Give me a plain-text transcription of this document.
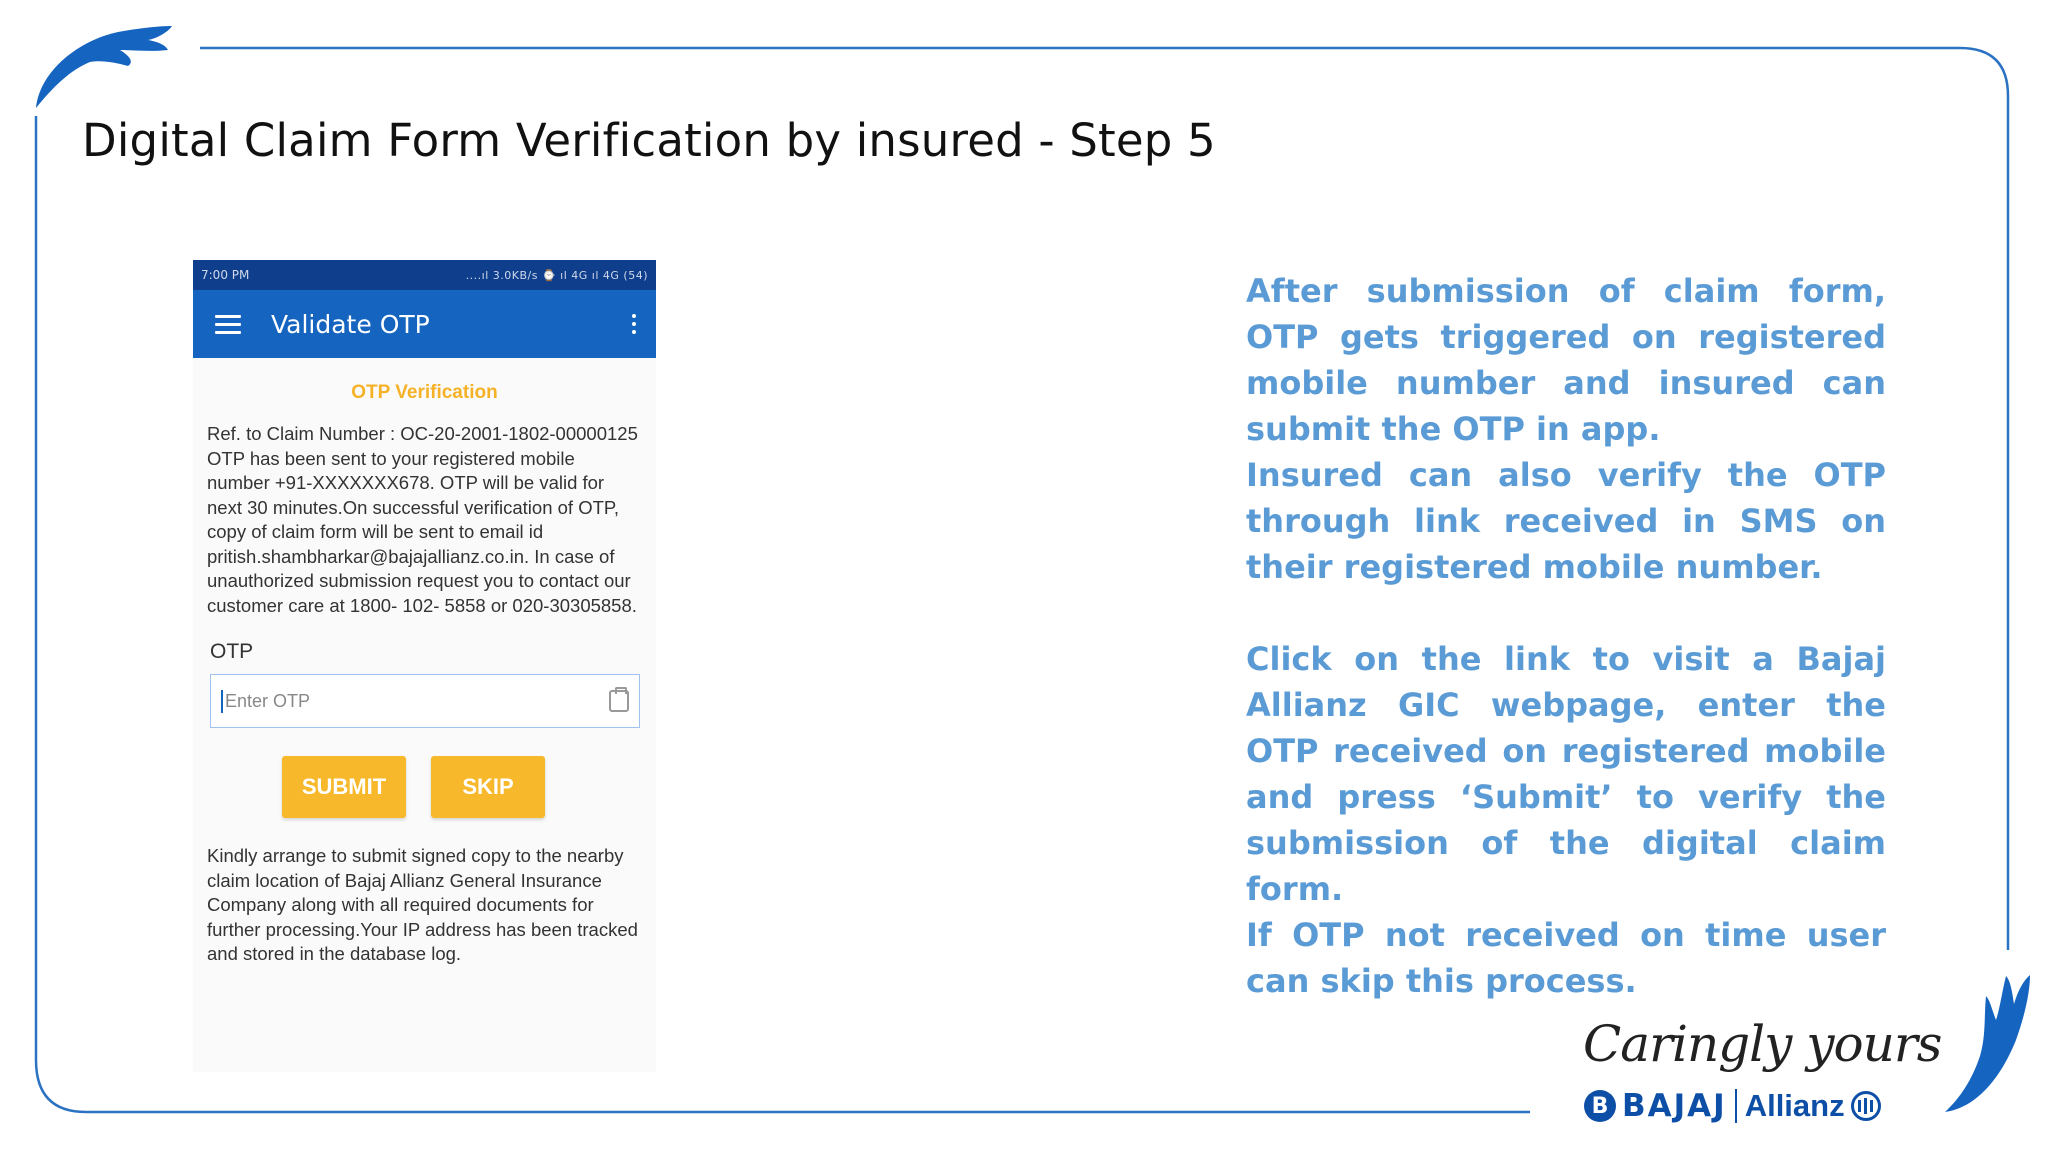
Digital Claim Form Verification by insured - Step 5
7:00 PM	....ıl 3.0KB/s ⌚ ıl 4G ıl 4G (54)
Validate OTP
OTP Verification
Ref. to Claim Number : OC-20-2001-1802-00000125 OTP has been sent to your registered mobile number +91-XXXXXXX678. OTP will be valid for next 30 minutes.On successful verification of OTP, copy of claim form will be sent to email id pritish.shambharkar@bajajallianz.co.in. In case of unauthorized submission request you to contact our customer care at 1800- 102- 5858 or 020-30305858.
OTP
Enter OTP
SUBMIT	SKIP
Kindly arrange to submit signed copy to the nearby claim location of Bajaj Allianz General Insurance Company along with all required documents for further processing.Your IP address has been tracked and stored in the database log.

After submission of claim form, OTP gets triggered on registered mobile number and insured can submit the OTP in app.

Insured can also verify the OTP through link received in SMS on their registered mobile number.

Click on the link to visit a Bajaj Allianz GIC webpage, enter the OTP received on registered mobile and press ‘Submit’ to verify the submission of the digital claim form.

If OTP not received on time user can skip this process.

Caringly yours
B BAJAJ Allianz
